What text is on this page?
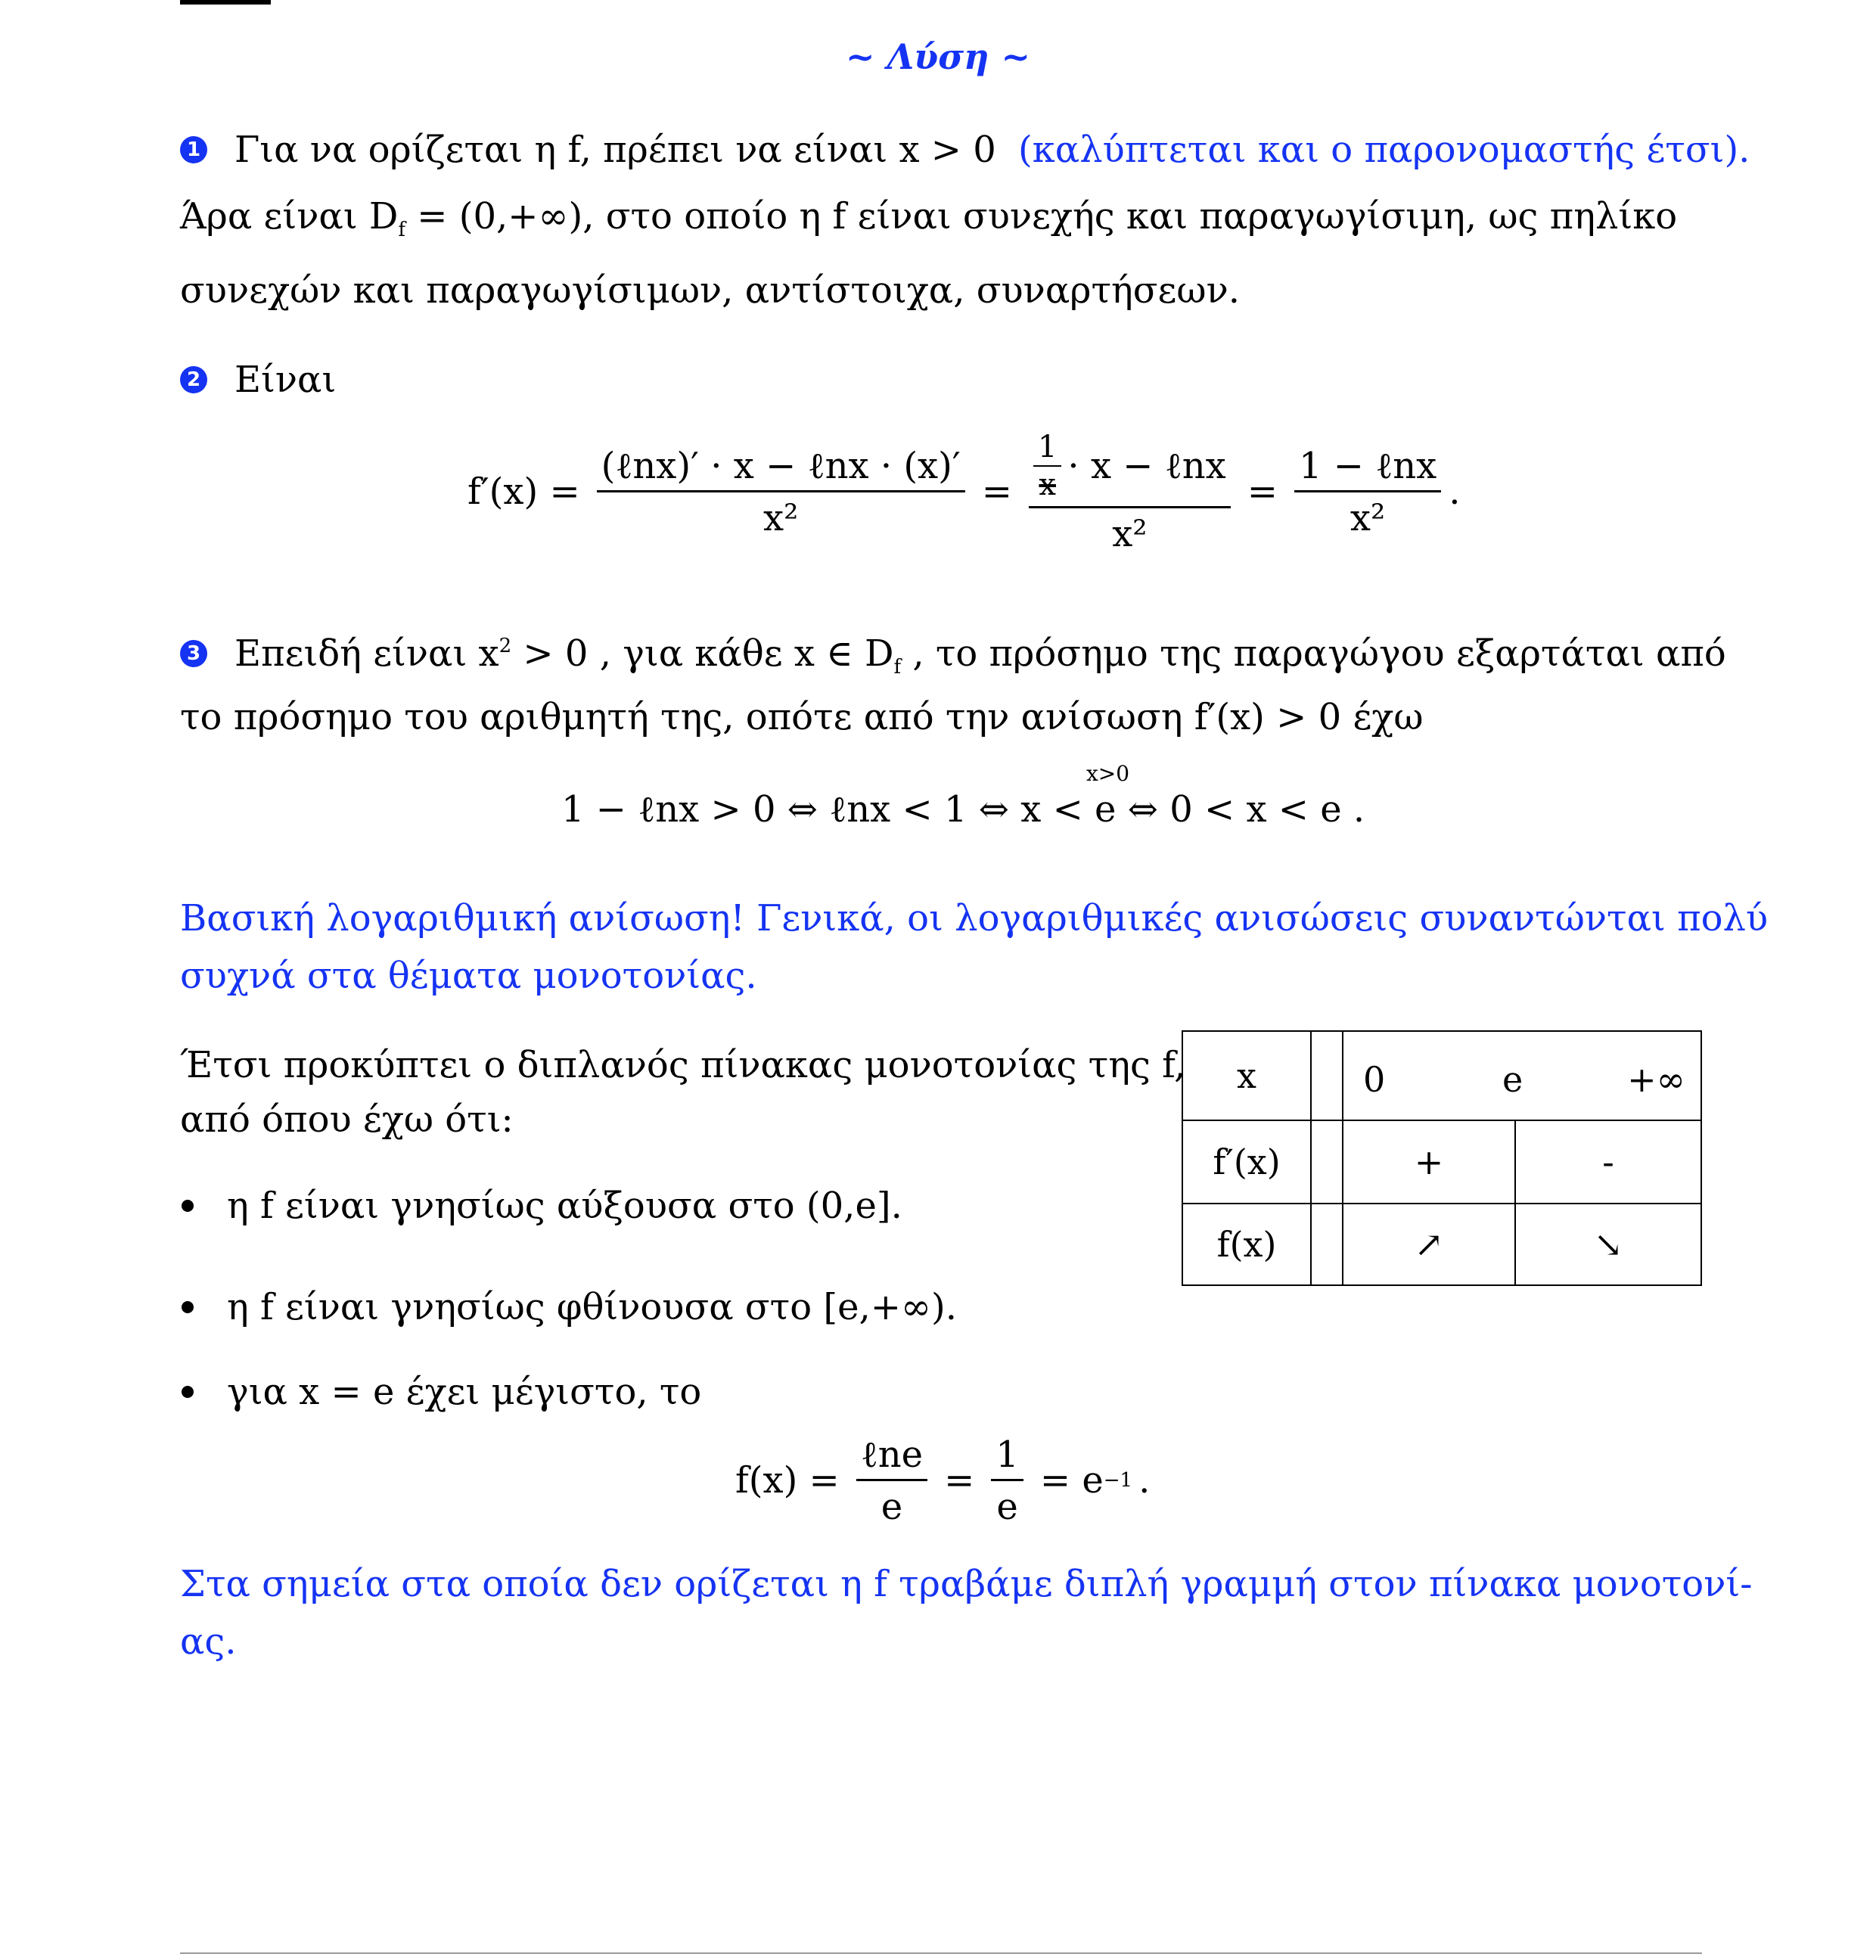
~ Λύση ~
1 Για να ορίζεται η f, πρέπει να είναι x > 0 (καλύπτεται και ο παρονομαστής έτσι).
Άρα είναι $D_f = (0,+\infty)$, στο οποίο η f είναι συνεχής και παραγωγίσιμη, ως πηλίκο
συνεχών και παραγωγίσιμων, αντίστοιχα, συναρτήσεων.
2 Είναι
$f'(x) = \frac{\text{(ℓnx)′ · x − ℓnx · (x)′}}{\text{x²}} = \frac{\frac{1}{x} \cdot x - \ell nx}{\text{x²}} = \frac{\text{1 − ℓnx}}{\text{x²}}$ .
3 Επειδή είναι $x^2 > 0$ , για κάθε x ∈ $D_f$ , το πρόσημο της παραγώγου εξαρτάται από
το πρόσημο του αριθμητή της, οπότε από την ανίσωση f′(x) > 0 έχω
x>0
1 − ℓnx > 0 ⇔ ℓnx < 1 ⇔ x < e ⇔ 0 < x < e .
Βασική λογαριθμική ανίσωση! Γενικά, οι λογαριθμικές ανισώσεις συναντώνται πολύ
συχνά στα θέματα μονοτονίας.
Έτσι προκύπτει ο διπλανός πίνακας μονοτονίας της f,
από όπου έχω ότι:
η f είναι γνησίως αύξουσα στο (0,e].
η f είναι γνησίως φθίνουσα στο [e,+∞).
για x = e έχει μέγιστο, το
$f(x) = \frac{\text{ℓne}}{e} = \frac{1}{e} = e -1$ .
x		0 e +∞	

f′(x)		+	-
f(x)		↗	↘
Στα σημεία στα οποία δεν ορίζεται η f τραβάμε διπλή γραμμή στον πίνακα μονοτονί-
ας.
